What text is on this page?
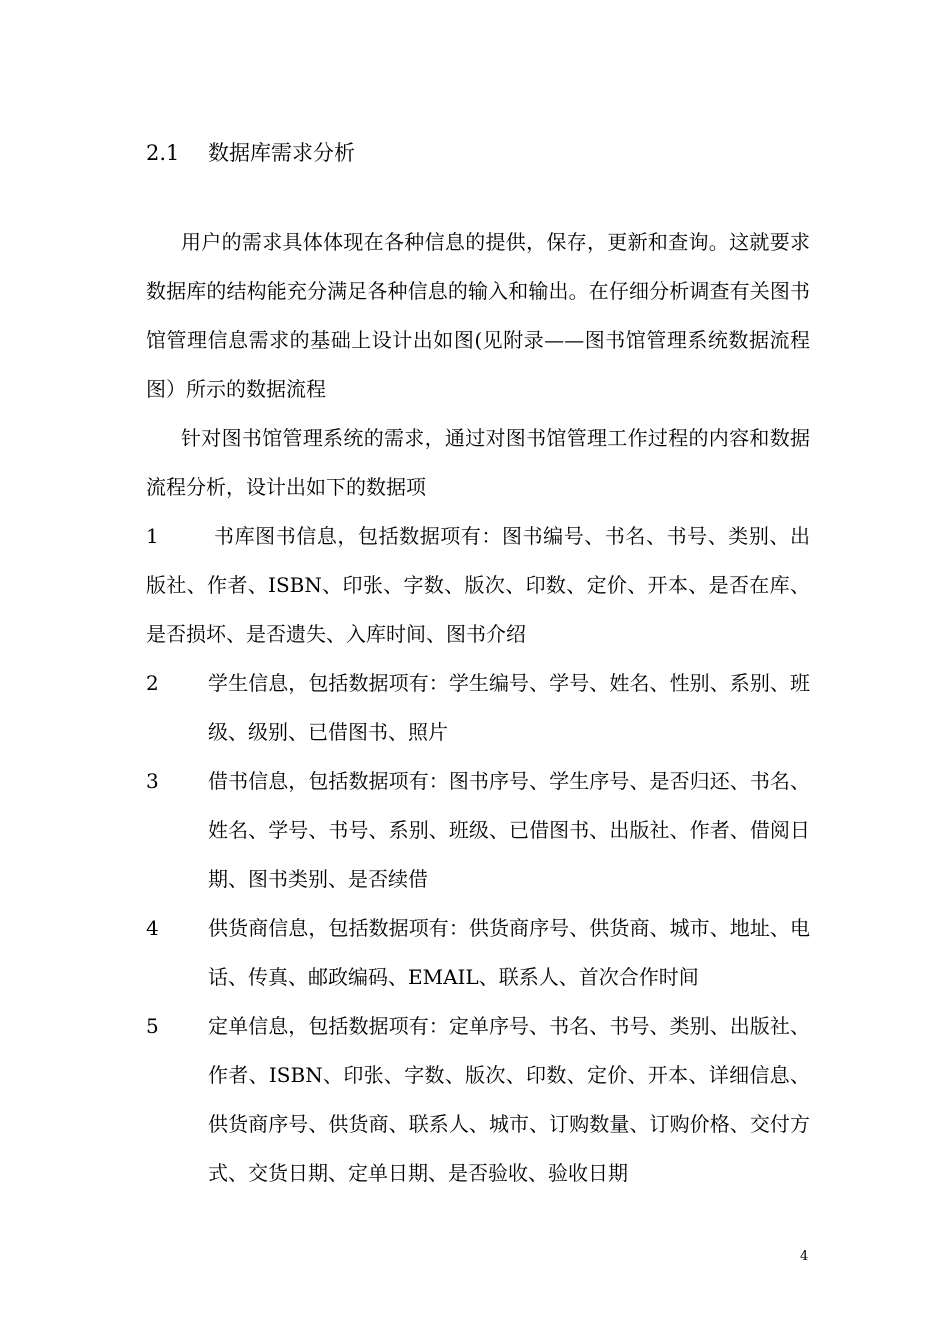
2.1 数据库需求分析
用户的需求具体体现在各种信息的提供，保存，更新和查询。这就要求数据库的结构能充分满足各种信息的输入和输出。在仔细分析调查有关图书馆管理信息需求的基础上设计出如图(见附录——图书馆管理系统数据流程图）所示的数据流程
针对图书馆管理系统的需求，通过对图书馆管理工作过程的内容和数据流程分析，设计出如下的数据项
1	书库图书信息，包括数据项有：图书编号、书名、书号、类别、出版社、作者、ISBN、印张、字数、版次、印数、定价、开本、是否在库、是否损坏、是否遗失、入库时间、图书介绍
2 学生信息，包括数据项有：学生编号、学号、姓名、性别、系别、班级、级别、已借图书、照片
3 借书信息，包括数据项有：图书序号、学生序号、是否归还、书名、姓名、学号、书号、系别、班级、已借图书、出版社、作者、借阅日期、图书类别、是否续借
4 供货商信息，包括数据项有：供货商序号、供货商、城市、地址、电话、传真、邮政编码、EMAIL、联系人、首次合作时间
5 定单信息，包括数据项有：定单序号、书名、书号、类别、出版社、作者、ISBN、印张、字数、版次、印数、定价、开本、详细信息、供货商序号、供货商、联系人、城市、订购数量、订购价格、交付方式、交货日期、定单日期、是否验收、验收日期
4
